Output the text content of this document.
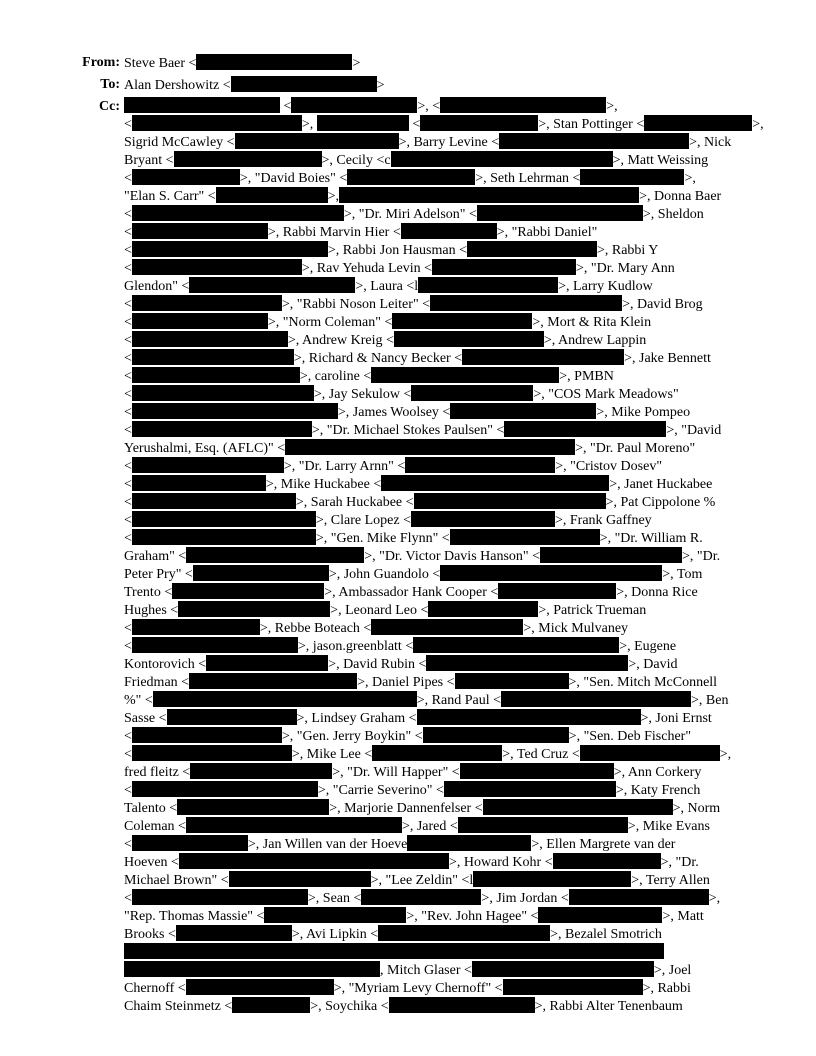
From: Steve Baer <	>
To: Alan Dershowitz <	>
Cc:	<	>, <	>,
<	>,	<	>, Stan Pottinger <	>,
Sigrid McCawley <	>, Barry Levine <	>, Nick
Bryant <	>, Cecily <c	>, Matt Weissing
<	>, "David Boies" <	>, Seth Lehrman <	>,
"Elan S. Carr" <	>,	>, Donna Baer
<	>, "Dr. Miri Adelson" <	>, Sheldon
<	>, Rabbi Marvin Hier <	>, "Rabbi Daniel"
<	>, Rabbi Jon Hausman <	>, Rabbi Y
<	>, Rav Yehuda Levin <	>, "Dr. Mary Ann
Glendon" <	>, Laura <l	>, Larry Kudlow
<	>, "Rabbi Noson Leiter" <	>, David Brog
<	>, "Norm Coleman" <	>, Mort & Rita Klein
<	>, Andrew Kreig <	>, Andrew Lappin
<	>, Richard & Nancy Becker <	>, Jake Bennett
<	>, caroline <	>, PMBN
<	>, Jay Sekulow <	>, "COS Mark Meadows"
<	>, James Woolsey <	>, Mike Pompeo
<	>, "Dr. Michael Stokes Paulsen" <	>, "David
Yerushalmi, Esq. (AFLC)" <	>, "Dr. Paul Moreno"
<	>, "Dr. Larry Arnn" <	>, "Cristov Dosev"
<	>, Mike Huckabee <	>, Janet Huckabee
<	>, Sarah Huckabee <	>, Pat Cippolone %
<	>, Clare Lopez <	>, Frank Gaffney
<	>, "Gen. Mike Flynn" <	>, "Dr. William R.
Graham" <	>, "Dr. Victor Davis Hanson" <	>, "Dr.
Peter Pry" <	>, John Guandolo <	>, Tom
Trento <	>, Ambassador Hank Cooper <	>, Donna Rice
Hughes <	>, Leonard Leo <	>, Patrick Trueman
<	>, Rebbe Boteach <	>, Mick Mulvaney
<	>, jason.greenblatt <	>, Eugene
Kontorovich <	>, David Rubin <	>, David
Friedman <	>, Daniel Pipes <	>, "Sen. Mitch McConnell
%" <	>, Rand Paul <	>, Ben
Sasse <	>, Lindsey Graham <	>, Joni Ernst
<	>, "Gen. Jerry Boykin" <	>, "Sen. Deb Fischer"
<	>, Mike Lee <	>, Ted Cruz <	>,
fred fleitz <	>, "Dr. Will Happer" <	>, Ann Corkery
<	>, "Carrie Severino" <	>, Katy French
Talento <	>, Marjorie Dannenfelser <	>, Norm
Coleman <	>, Jared <	>, Mike Evans
<	>, Jan Willen van der Hoeve	>, Ellen Margrete van der
Hoeven <	>, Howard Kohr <	>, "Dr.
Michael Brown" <	>, "Lee Zeldin" <l	>, Terry Allen
<	>, Sean <	>, Jim Jordan <	>,
"Rep. Thomas Massie" <	>, "Rev. John Hagee" <	>, Matt
Brooks <	>, Avi Lipkin <	>, Bezalel Smotrich
, Mitch Glaser <	>, Joel
Chernoff <	>, "Myriam Levy Chernoff" <	>, Rabbi
Chaim Steinmetz <	>, Soychika <	>, Rabbi Alter Tenenbaum
